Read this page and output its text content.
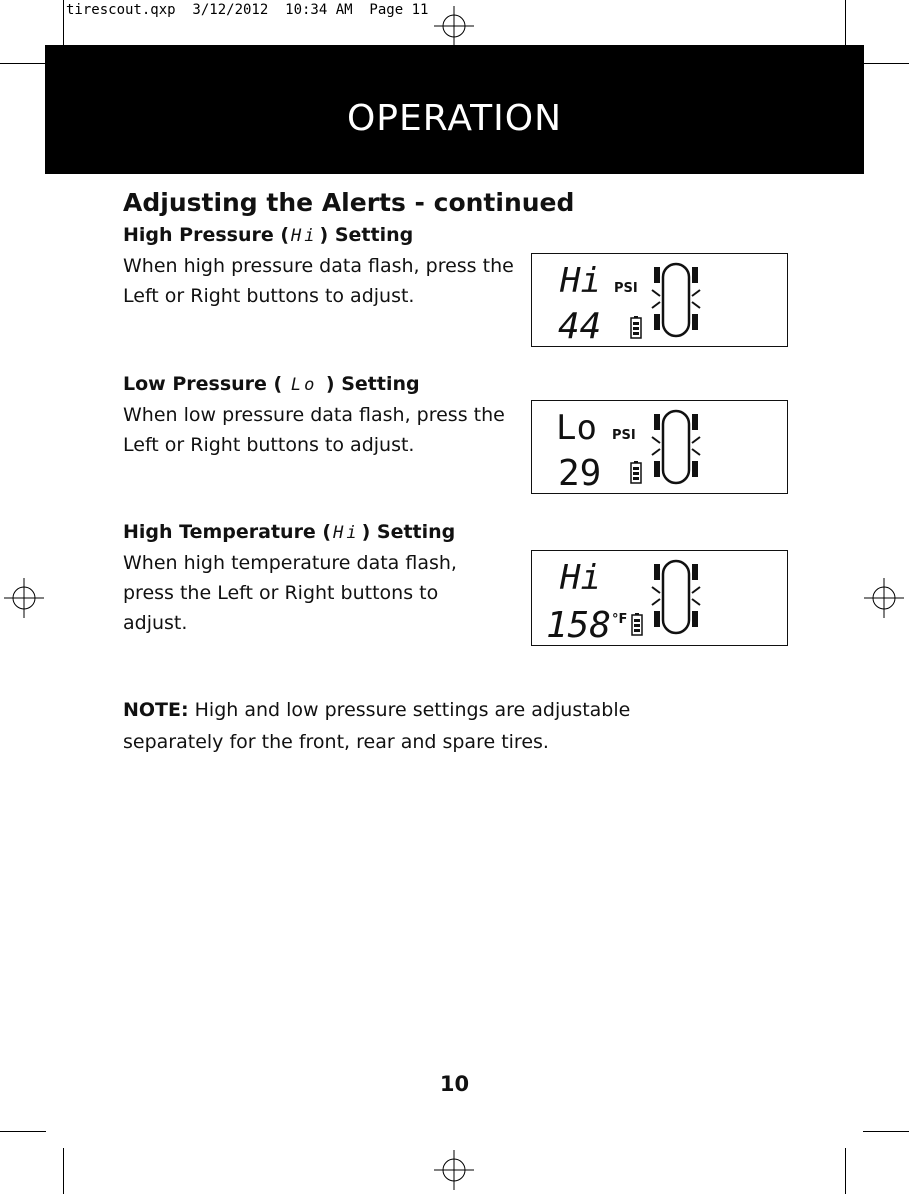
tirescout.qxp  3/12/2012  10:34 AM  Page 11
OPERATION
Adjusting the Alerts - continued
High Pressure ( Hi ) Setting
When high pressure data flash, press the Left or Right buttons to adjust.
Low Pressure ( Lo ) Setting
When low pressure data flash, press the Left or Right buttons to adjust.
High Temperature ( Hi ) Setting
When high temperature data flash, press the Left or Right buttons to adjust.
Hi PSI
44
Lo PSI
29
Hi
158 °F
NOTE: High and low pressure settings are adjustable separately for the front, rear and spare tires.
10
